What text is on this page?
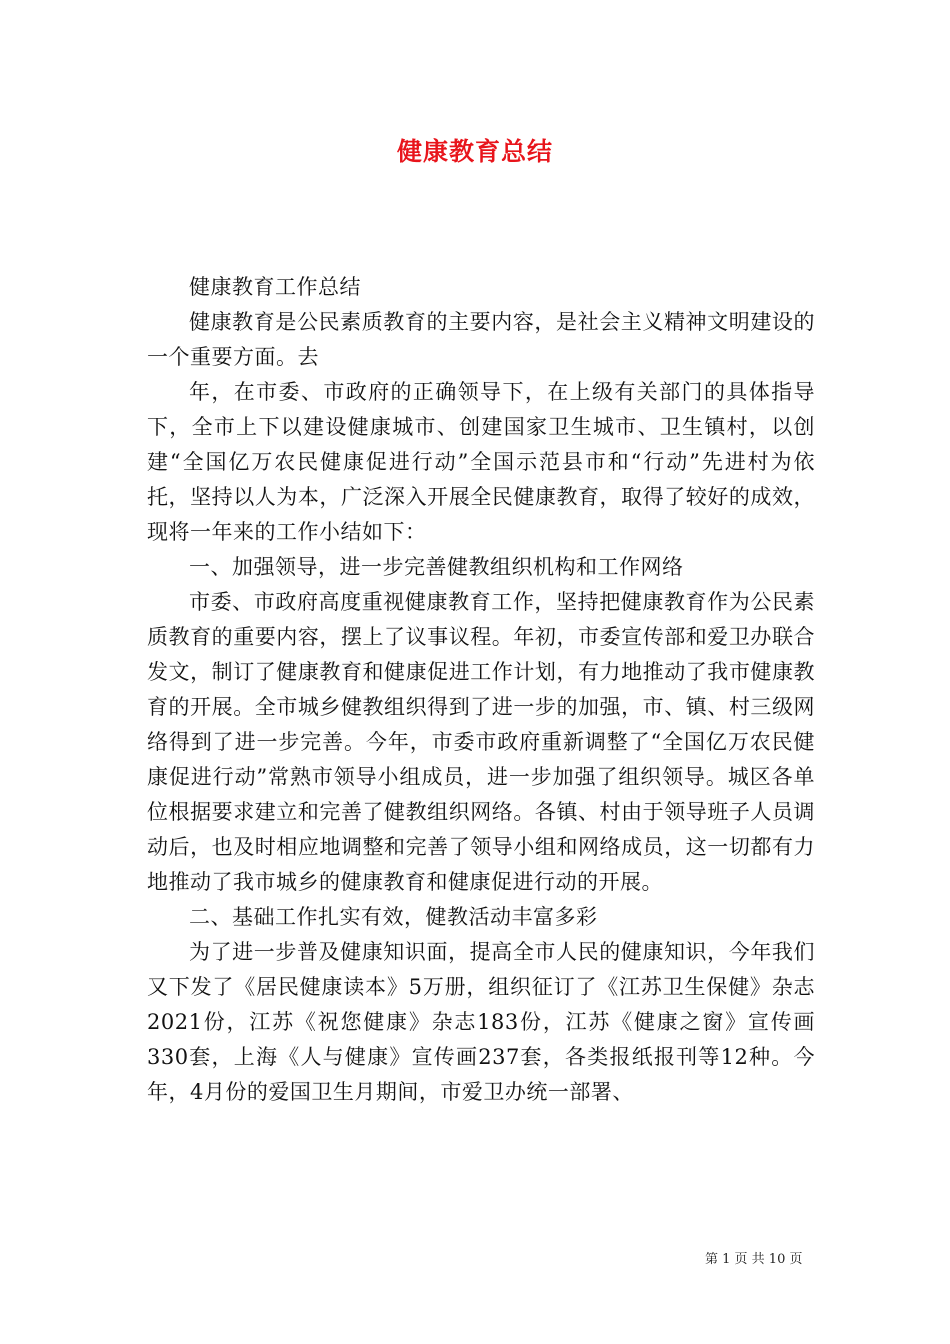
健康教育总结

健康教育工作总结

健康教育是公民素质教育的主要内容，是社会主义精神文明建设的一个重要方面。去

年，在市委、市政府的正确领导下，在上级有关部门的具体指导下，全市上下以建设健康城市、创建国家卫生城市、卫生镇村，以创建“全国亿万农民健康促进行动”全国示范县市和“行动”先进村为依托，坚持以人为本，广泛深入开展全民健康教育，取得了较好的成效，现将一年来的工作小结如下：

一、加强领导，进一步完善健教组织机构和工作网络

市委、市政府高度重视健康教育工作，坚持把健康教育作为公民素质教育的重要内容，摆上了议事议程。年初，市委宣传部和爱卫办联合发文，制订了健康教育和健康促进工作计划，有力地推动了我市健康教育的开展。全市城乡健教组织得到了进一步的加强，市、镇、村三级网络得到了进一步完善。今年，市委市政府重新调整了“全国亿万农民健康促进行动”常熟市领导小组成员，进一步加强了组织领导。城区各单位根据要求建立和完善了健教组织网络。各镇、村由于领导班子人员调动后，也及时相应地调整和完善了领导小组和网络成员，这一切都有力地推动了我市城乡的健康教育和健康促进行动的开展。

二、基础工作扎实有效，健教活动丰富多彩

为了进一步普及健康知识面，提高全市人民的健康知识，今年我们又下发了《居民健康读本》5万册，组织征订了《江苏卫生保健》杂志2021份，江苏《祝您健康》杂志183份，江苏《健康之窗》宣传画330套，上海《人与健康》宣传画237套，各类报纸报刊等12种。今年，4月份的爱国卫生月期间，市爱卫办统一部署、

第 1 页 共 10 页
